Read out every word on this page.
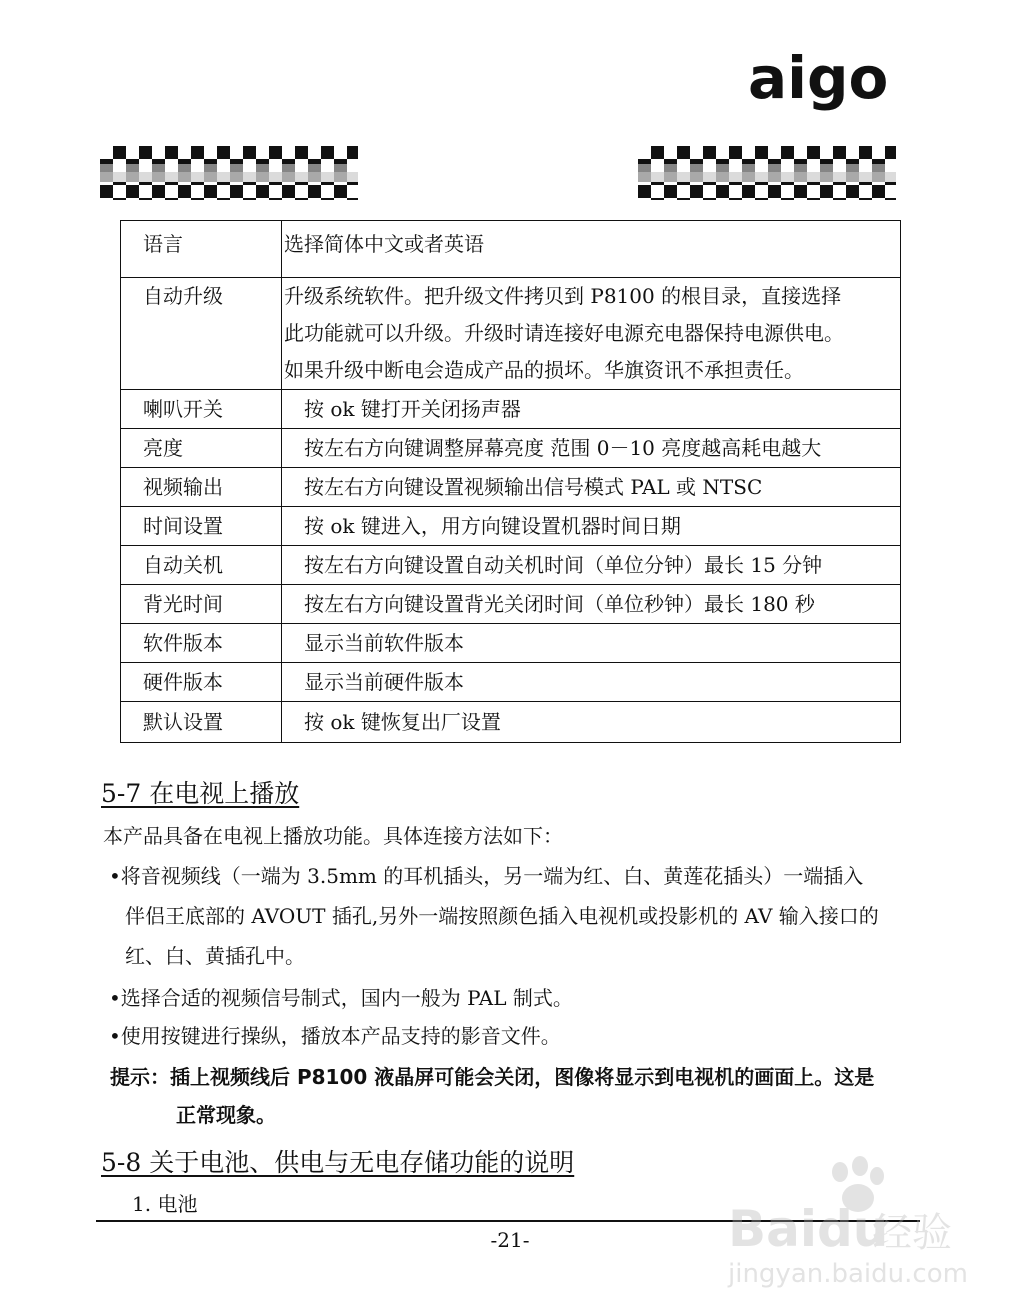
aigo
语言	选择简体中文或者英语
自动升级	升级系统软件。把升级文件拷贝到 P8100 的根目录，直接选择
此功能就可以升级。升级时请连接好电源充电器保持电源供电。
如果升级中断电会造成产品的损坏。华旗资讯不承担责任。

喇叭开关	按 ok 键打开关闭扬声器
亮度	按左右方向键调整屏幕亮度 范围 0－10 亮度越高耗电越大
视频输出	按左右方向键设置视频输出信号模式 PAL 或 NTSC
时间设置	按 ok 键进入，用方向键设置机器时间日期
自动关机	按左右方向键设置自动关机时间（单位分钟）最长 15 分钟
背光时间	按左右方向键设置背光关闭时间（单位秒钟）最长 180 秒
软件版本	显示当前软件版本
硬件版本	显示当前硬件版本
默认设置	按 ok 键恢复出厂设置
5-7 在电视上播放
本产品具备在电视上播放功能。具体连接方法如下：
•将音视频线（一端为 3.5mm 的耳机插头，另一端为红、白、黄莲花插头）一端插入
伴侣王底部的 AVOUT 插孔,另外一端按照颜色插入电视机或投影机的 AV 输入接口的
红、白、黄插孔中。
•选择合适的视频信号制式，国内一般为 PAL 制式。
•使用按键进行操纵，播放本产品支持的影音文件。
提示：插上视频线后 P8100 液晶屏可能会关闭，图像将显示到电视机的画面上。这是
正常现象。
5-8 关于电池、供电与无电存储功能的说明
1. 电池
-21-	Baidu
经验
jingyan.baidu.com
